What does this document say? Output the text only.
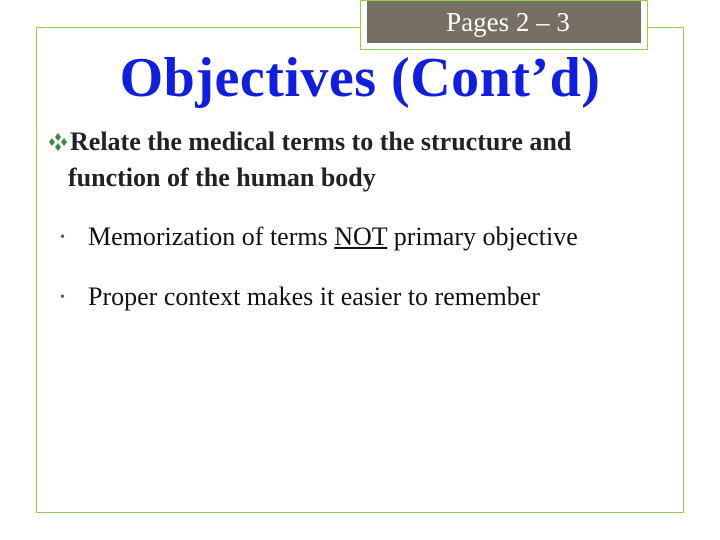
Pages 2 – 3
Objectives (Cont’d)
Relate the medical terms to the structure and
function of the human body
• Memorization of terms NOT primary objective
• Proper context makes it easier to remember
